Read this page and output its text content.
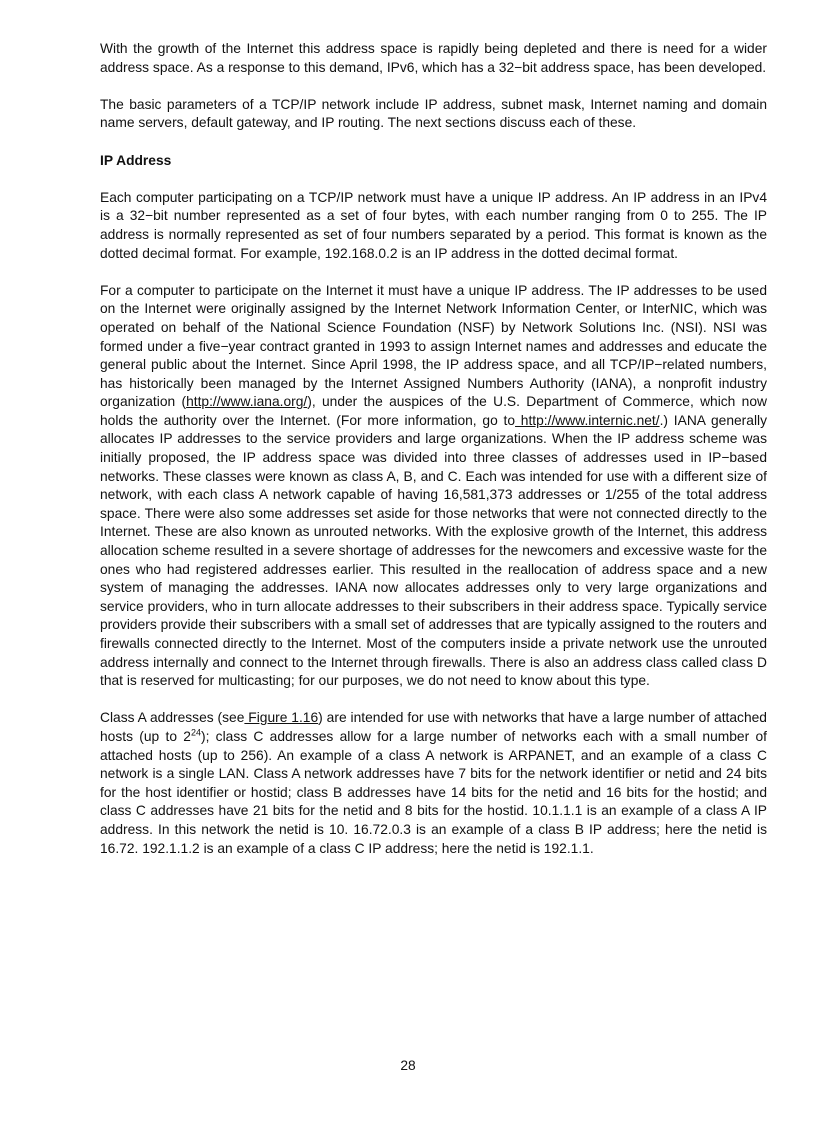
With the growth of the Internet this address space is rapidly being depleted and there is need for a wider address space. As a response to this demand, IPv6, which has a 32−bit address space, has been developed.

The basic parameters of a TCP/IP network include IP address, subnet mask, Internet naming and domain name servers, default gateway, and IP routing. The next sections discuss each of these.

IP Address

Each computer participating on a TCP/IP network must have a unique IP address. An IP address in an IPv4 is a 32−bit number represented as a set of four bytes, with each number ranging from 0 to 255. The IP address is normally represented as set of four numbers separated by a period. This format is known as the dotted decimal format. For example, 192.168.0.2 is an IP address in the dotted decimal format.

For a computer to participate on the Internet it must have a unique IP address. The IP addresses to be used on the Internet were originally assigned by the Internet Network Information Center, or InterNIC, which was operated on behalf of the National Science Foundation (NSF) by Network Solutions Inc. (NSI). NSI was formed under a five−year contract granted in 1993 to assign Internet names and addresses and educate the general public about the Internet. Since April 1998, the IP address space, and all TCP/IP−related numbers, has historically been managed by the Internet Assigned Numbers Authority (IANA), a nonprofit industry organization (http://www.iana.org/), under the auspices of the U.S. Department of Commerce, which now holds the authority over the Internet. (For more information, go to http://www.internic.net/.) IANA generally allocates IP addresses to the service providers and large organizations. When the IP address scheme was initially proposed, the IP address space was divided into three classes of addresses used in IP−based networks. These classes were known as class A, B, and C. Each was intended for use with a different size of network, with each class A network capable of having 16,581,373 addresses or 1/255 of the total address space. There were also some addresses set aside for those networks that were not connected directly to the Internet. These are also known as unrouted networks. With the explosive growth of the Internet, this address allocation scheme resulted in a severe shortage of addresses for the newcomers and excessive waste for the ones who had registered addresses earlier. This resulted in the reallocation of address space and a new system of managing the addresses. IANA now allocates addresses only to very large organizations and service providers, who in turn allocate addresses to their subscribers in their address space. Typically service providers provide their subscribers with a small set of addresses that are typically assigned to the routers and firewalls connected directly to the Internet. Most of the computers inside a private network use the unrouted address internally and connect to the Internet through firewalls. There is also an address class called class D that is reserved for multicasting; for our purposes, we do not need to know about this type.

Class A addresses (see Figure 1.16) are intended for use with networks that have a large number of attached hosts (up to $2^{24}$); class C addresses allow for a large number of networks each with a small number of attached hosts (up to 256). An example of a class A network is ARPANET, and an example of a class C network is a single LAN. Class A network addresses have 7 bits for the network identifier or netid and 24 bits for the host identifier or hostid; class B addresses have 14 bits for the netid and 16 bits for the hostid; and class C addresses have 21 bits for the netid and 8 bits for the hostid. 10.1.1.1 is an example of a class A IP address. In this network the netid is 10. 16.72.0.3 is an example of a class B IP address; here the netid is 16.72. 192.1.1.2 is an example of a class C IP address; here the netid is 192.1.1.

28
